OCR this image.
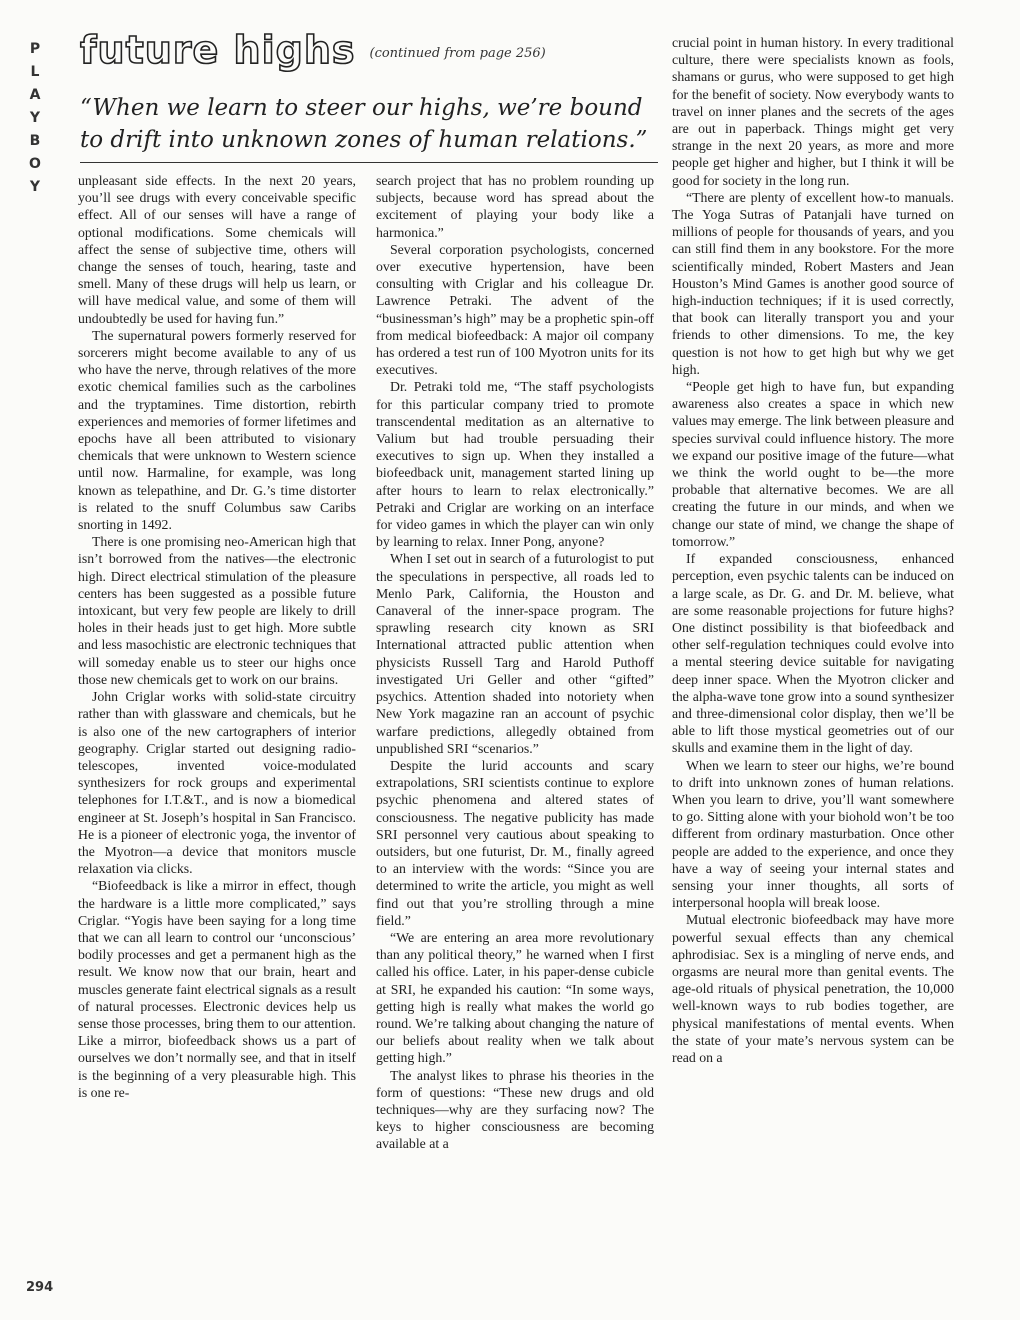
P
L
A
Y
B
O
Y
future highs $^{(continued from page 256)}$
“When we learn to steer our highs, we’re bound to drift into unknown zones of human relations.”

unpleasant side effects. In the next 20 years, you’ll see drugs with every conceivable specific effect. All of our senses will have a range of optional modifications. Some chemicals will affect the sense of subjective time, others will change the senses of touch, hearing, taste and smell. Many of these drugs will help us learn, or will have medical value, and some of them will undoubtedly be used for having fun.”

The supernatural powers formerly reserved for sorcerers might become available to any of us who have the nerve, through relatives of the more exotic chemical families such as the carbolines and the tryptamines. Time distortion, rebirth experiences and memories of former lifetimes and epochs have all been attributed to visionary chemicals that were unknown to Western science until now. Harmaline, for example, was long known as telepathine, and Dr. G.’s time distorter is related to the snuff Columbus saw Caribs snorting in 1492.

There is one promising neo-American high that isn’t borrowed from the natives—the electronic high. Direct electrical stimulation of the pleasure centers has been suggested as a possible future intoxicant, but very few people are likely to drill holes in their heads just to get high. More subtle and less masochistic are electronic techniques that will someday enable us to steer our highs once those new chemicals get to work on our brains.

John Criglar works with solid-state circuitry rather than with glassware and chemicals, but he is also one of the new cartographers of interior geography. Criglar started out designing radio-telescopes, invented voice-modulated synthesizers for rock groups and experimental telephones for I.T.&T., and is now a biomedical engineer at St. Joseph’s hospital in San Francisco. He is a pioneer of electronic yoga, the inventor of the Myotron—a device that monitors muscle relaxation via clicks.

“Biofeedback is like a mirror in effect, though the hardware is a little more complicated,” says Criglar. “Yogis have been saying for a long time that we can all learn to control our ‘unconscious’ bodily processes and get a permanent high as the result. We know now that our brain, heart and muscles generate faint electrical signals as a result of natural processes. Electronic devices help us sense those processes, bring them to our attention. Like a mirror, biofeedback shows us a part of ourselves we don’t normally see, and that in itself is the beginning of a very pleasurable high. This is one re-

search project that has no problem rounding up subjects, because word has spread about the excitement of playing your body like a harmonica.”

Several corporation psychologists, concerned over executive hypertension, have been consulting with Criglar and his colleague Dr. Lawrence Petraki. The advent of the “businessman’s high” may be a prophetic spin-off from medical biofeedback: A major oil company has ordered a test run of 100 Myotron units for its executives.

Dr. Petraki told me, “The staff psychologists for this particular company tried to promote transcendental meditation as an alternative to Valium but had trouble persuading their executives to sign up. When they installed a biofeedback unit, management started lining up after hours to learn to relax electronically.” Petraki and Criglar are working on an interface for video games in which the player can win only by learning to relax. Inner Pong, anyone?

When I set out in search of a futurologist to put the speculations in perspective, all roads led to Menlo Park, California, the Houston and Canaveral of the inner-space program. The sprawling research city known as SRI International attracted public attention when physicists Russell Targ and Harold Puthoff investigated Uri Geller and other “gifted” psychics. Attention shaded into notoriety when New York magazine ran an account of psychic warfare predictions, allegedly obtained from unpublished SRI “scenarios.”

Despite the lurid accounts and scary extrapolations, SRI scientists continue to explore psychic phenomena and altered states of consciousness. The negative publicity has made SRI personnel very cautious about speaking to outsiders, but one futurist, Dr. M., finally agreed to an interview with the words: “Since you are determined to write the article, you might as well find out that you’re strolling through a mine field.”

“We are entering an area more revolutionary than any political theory,” he warned when I first called his office. Later, in his paper-dense cubicle at SRI, he expanded his caution: “In some ways, getting high is really what makes the world go round. We’re talking about changing the nature of our beliefs about reality when we talk about getting high.”

The analyst likes to phrase his theories in the form of questions: “These new drugs and old techniques—why are they surfacing now? The keys to higher consciousness are becoming available at a

crucial point in human history. In every traditional culture, there were specialists known as fools, shamans or gurus, who were supposed to get high for the benefit of society. Now everybody wants to travel on inner planes and the secrets of the ages are out in paperback. Things might get very strange in the next 20 years, as more and more people get higher and higher, but I think it will be good for society in the long run.

“There are plenty of excellent how-to manuals. The Yoga Sutras of Patanjali have turned on millions of people for thousands of years, and you can still find them in any bookstore. For the more scientifically minded, Robert Masters and Jean Houston’s Mind Games is another good source of high-induction techniques; if it is used correctly, that book can literally transport you and your friends to other dimensions. To me, the key question is not how to get high but why we get high.

“People get high to have fun, but expanding awareness also creates a space in which new values may emerge. The link between pleasure and species survival could influence history. The more we expand our positive image of the future—what we think the world ought to be—the more probable that alternative becomes. We are all creating the future in our minds, and when we change our state of mind, we change the shape of tomorrow.”

If expanded consciousness, enhanced perception, even psychic talents can be induced on a large scale, as Dr. G. and Dr. M. believe, what are some reasonable projections for future highs? One distinct possibility is that biofeedback and other self-regulation techniques could evolve into a mental steering device suitable for navigating deep inner space. When the Myotron clicker and the alpha-wave tone grow into a sound synthesizer and three-dimensional color display, then we’ll be able to lift those mystical geometries out of our skulls and examine them in the light of day.

When we learn to steer our highs, we’re bound to drift into unknown zones of human relations. When you learn to drive, you’ll want somewhere to go. Sitting alone with your biohold won’t be too different from ordinary masturbation. Once other people are added to the experience, and once they have a way of seeing your internal states and sensing your inner thoughts, all sorts of interpersonal hoopla will break loose.

Mutual electronic biofeedback may have more powerful sexual effects than any chemical aphrodisiac. Sex is a mingling of nerve ends, and orgasms are neural more than genital events. The age-old rituals of physical penetration, the 10,000 well-known ways to rub bodies together, are physical manifestations of mental events. When the state of your mate’s nervous system can be read on a

294
